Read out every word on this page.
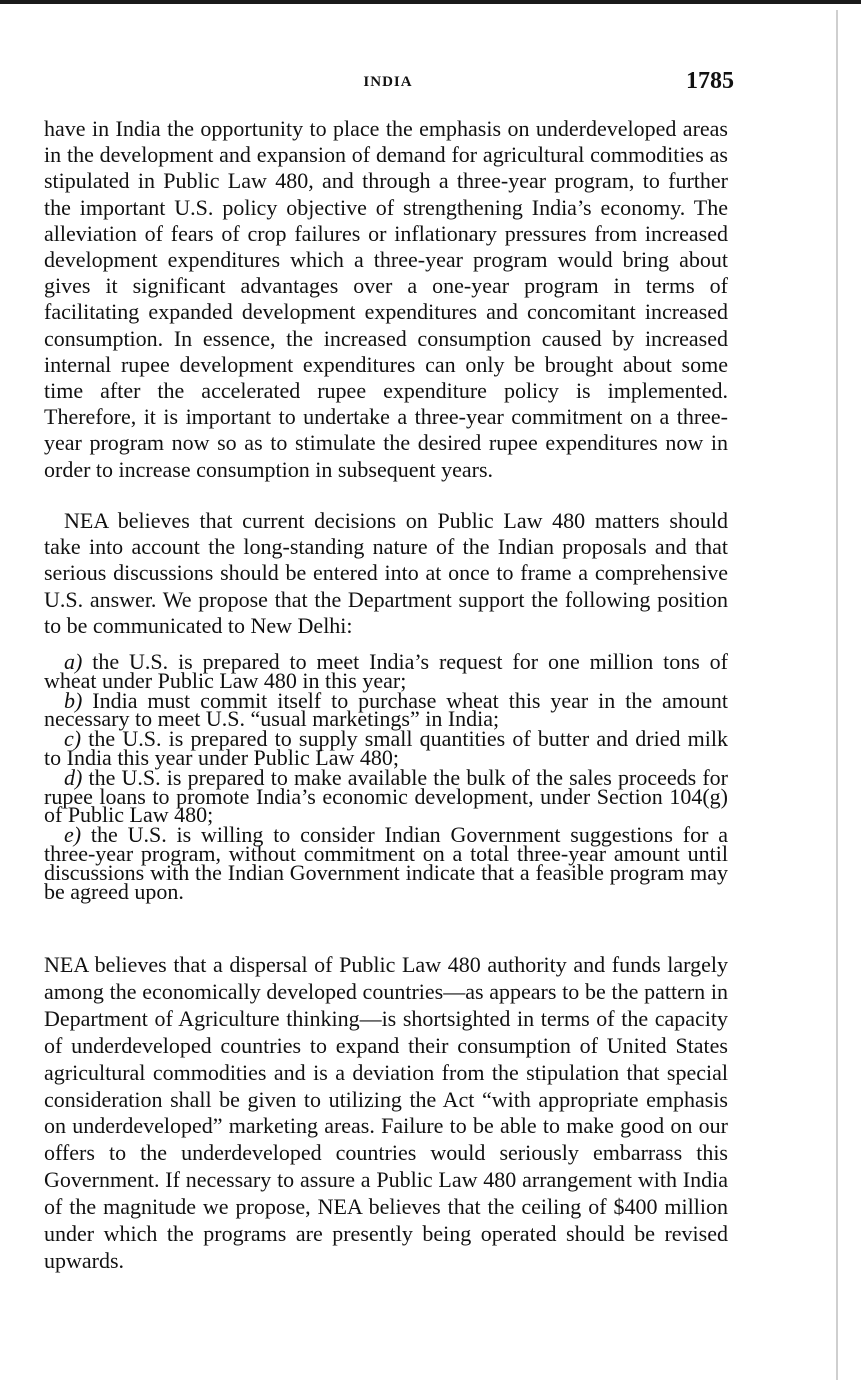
INDIA	1785

have in India the opportunity to place the emphasis on underdeveloped areas in the development and expansion of demand for agricultural commodities as stipulated in Public Law 480, and through a three-year program, to further the important U.S. policy objective of strengthening India’s economy. The alleviation of fears of crop failures or inflationary pressures from increased development expenditures which a three-year program would bring about gives it significant advantages over a one-year program in terms of facilitating expanded development expenditures and concomitant increased consumption. In essence, the increased consumption caused by increased internal rupee development expenditures can only be brought about some time after the accelerated rupee expenditure policy is implemented. Therefore, it is important to undertake a three-year commitment on a three-year program now so as to stimulate the desired rupee expenditures now in order to increase consumption in subsequent years.

NEA believes that current decisions on Public Law 480 matters should take into account the long-standing nature of the Indian proposals and that serious discussions should be entered into at once to frame a comprehensive U.S. answer. We propose that the Department support the following position to be communicated to New Delhi:

a) the U.S. is prepared to meet India’s request for one million tons of wheat under Public Law 480 in this year;
b) India must commit itself to purchase wheat this year in the amount necessary to meet U.S. “usual marketings” in India;
c) the U.S. is prepared to supply small quantities of butter and dried milk to India this year under Public Law 480;
d) the U.S. is prepared to make available the bulk of the sales proceeds for rupee loans to promote India’s economic development, under Section 104(g) of Public Law 480;
e) the U.S. is willing to consider Indian Government suggestions for a three-year program, without commitment on a total three-year amount until discussions with the Indian Government indicate that a feasible program may be agreed upon.

NEA believes that a dispersal of Public Law 480 authority and funds largely among the economically developed countries—as appears to be the pattern in Department of Agriculture thinking—is shortsighted in terms of the capacity of underdeveloped countries to expand their consumption of United States agricultural commodities and is a deviation from the stipulation that special consideration shall be given to utilizing the Act “with appropriate emphasis on underdeveloped” marketing areas. Failure to be able to make good on our offers to the underdeveloped countries would seriously embarrass this Government. If necessary to assure a Public Law 480 arrangement with India of the magnitude we propose, NEA believes that the ceiling of $400 million under which the programs are presently being operated should be revised upwards.
